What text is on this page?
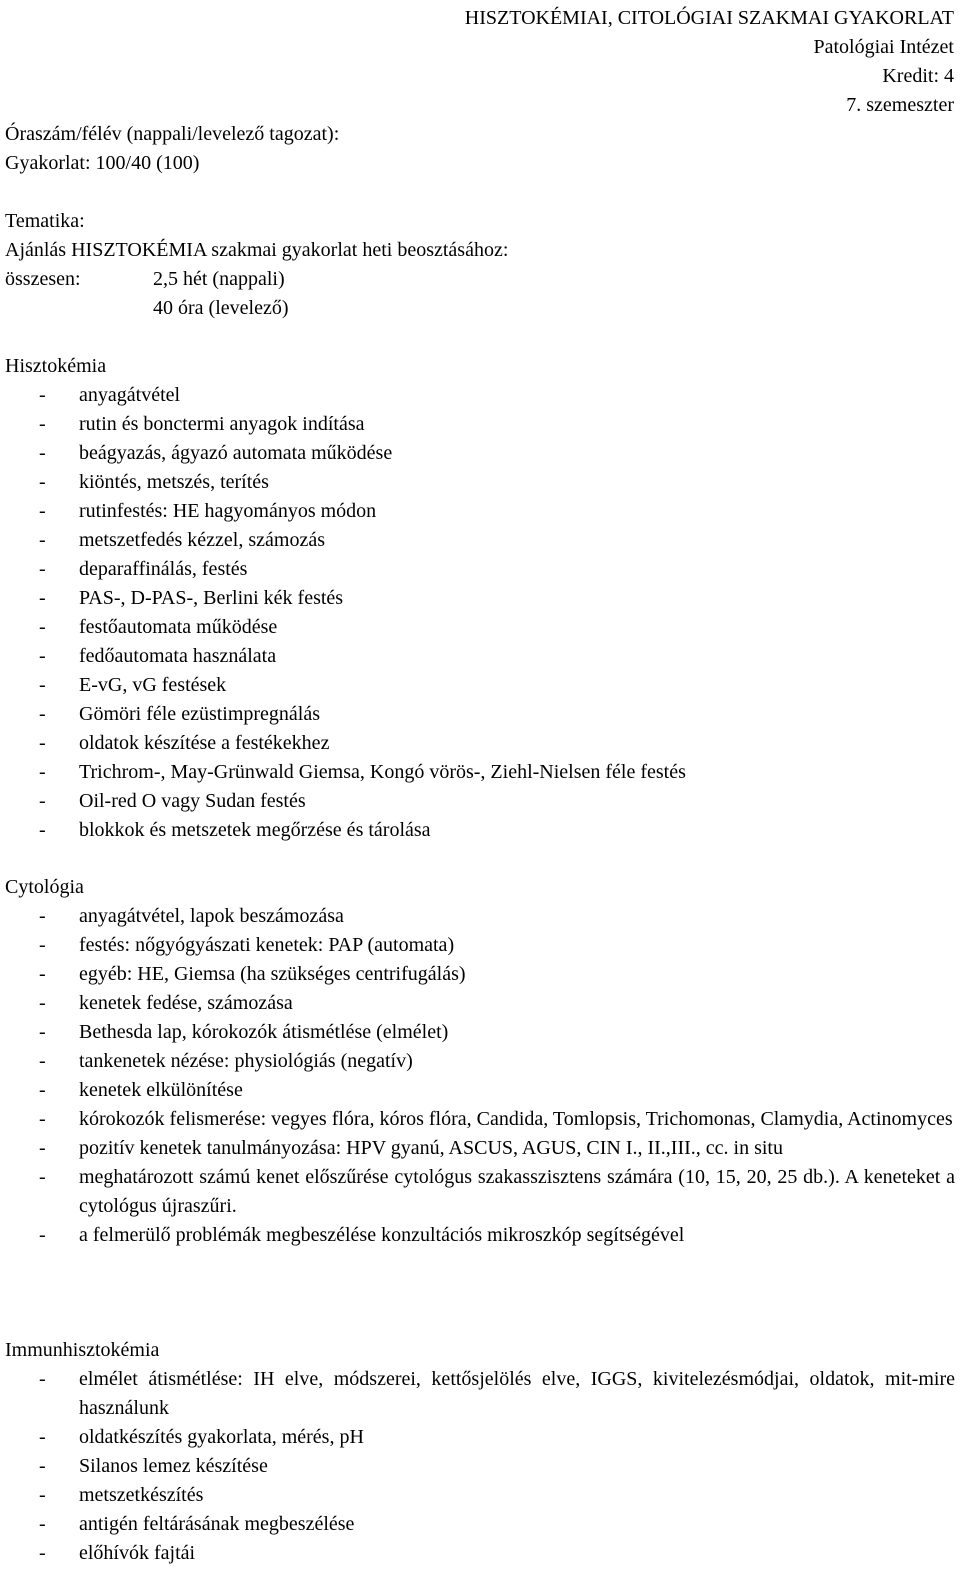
HISZTOKÉMIAI, CITOLÓGIAI SZAKMAI GYAKORLAT
Patológiai Intézet
Kredit: 4
7. szemeszter
Óraszám/félév (nappali/levelező tagozat):
Gyakorlat: 100/40 (100)
Tematika:
Ajánlás HISZTOKÉMIA szakmai gyakorlat heti beosztásához:
összesen:	2,5 hét (nappali)
40 óra (levelező)
Hisztokémia
- anyagátvétel
- rutin és bonctermi anyagok indítása
- beágyazás, ágyazó automata működése
- kiöntés, metszés, terítés
- rutinfestés: HE hagyományos módon
- metszetfedés kézzel, számozás
- deparaffinálás, festés
- PAS-, D-PAS-, Berlini kék festés
- festőautomata működése
- fedőautomata használata
- E-vG, vG festések
- Gömöri féle ezüstimpregnálás
- oldatok készítése a festékekhez
- Trichrom-, May-Grünwald Giemsa, Kongó vörös-, Ziehl-Nielsen féle festés
- Oil-red O vagy Sudan festés
- blokkok és metszetek megőrzése és tárolása
Cytológia
- anyagátvétel, lapok beszámozása
- festés: nőgyógyászati kenetek: PAP (automata)
- egyéb: HE, Giemsa (ha szükséges centrifugálás)
- kenetek fedése, számozása
- Bethesda lap, kórokozók átismétlése (elmélet)
- tankenetek nézése: physiológiás (negatív)
- kenetek elkülönítése
- kórokozók felismerése: vegyes flóra, kóros flóra, Candida, Tomlopsis, Trichomonas, Clamydia, Actinomyces
- pozitív kenetek tanulmányozása: HPV gyanú, ASCUS, AGUS, CIN I., II.,III., cc. in situ
- meghatározott számú kenet előszűrése cytológus szakasszisztens számára (10, 15, 20, 25 db.). A keneteket a cytológus újraszűri.
- a felmerülő problémák megbeszélése konzultációs mikroszkóp segítségével
Immunhisztokémia
- elmélet átismétlése: IH elve, módszerei, kettősjelölés elve, IGGS, kivitelezésmódjai, oldatok, mit-mire használunk
- oldatkészítés gyakorlata, mérés, pH
- Silanos lemez készítése
- metszetkészítés
- antigén feltárásának megbeszélése
- előhívók fajtái
